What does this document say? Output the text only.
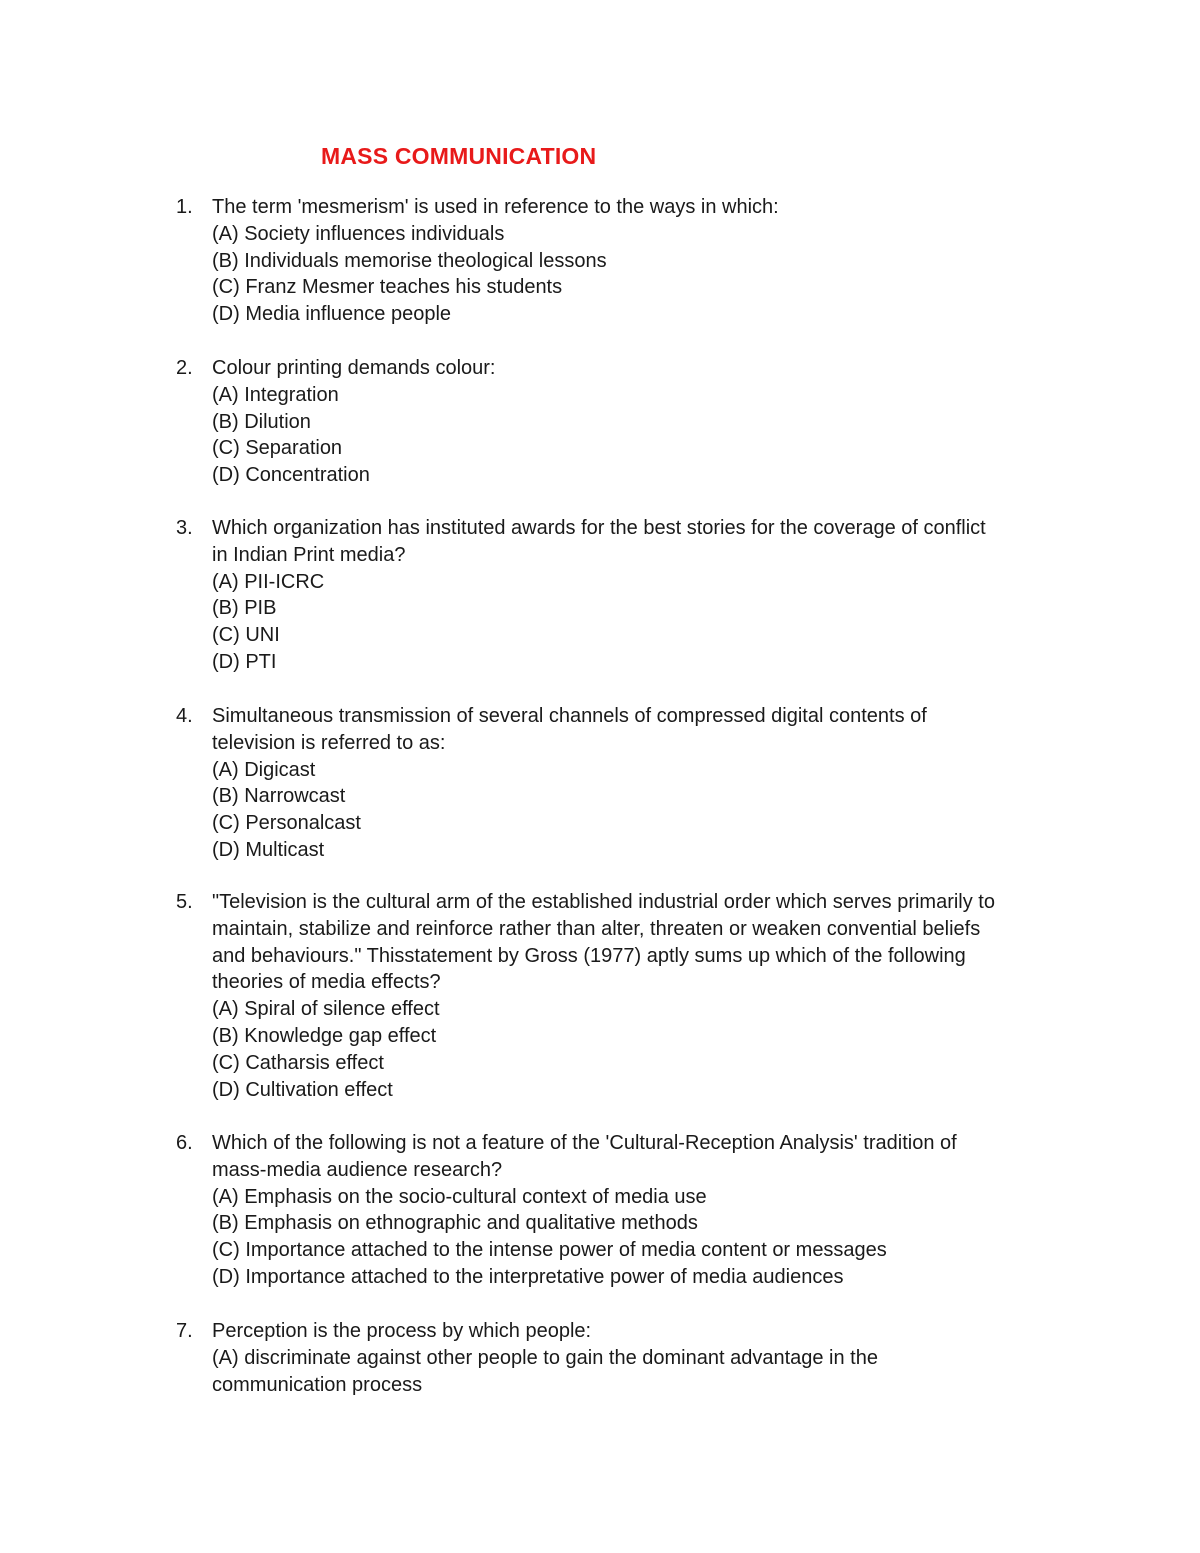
MASS COMMUNICATION
1. The term 'mesmerism' is used in reference to the ways in which:
(A) Society influences individuals
(B) Individuals memorise theological lessons
(C) Franz Mesmer teaches his students
(D) Media influence people
2. Colour printing demands colour:
(A) Integration
(B) Dilution
(C) Separation
(D) Concentration
3. Which organization has instituted awards for the best stories for the coverage of conflict
in Indian Print media?
(A) PII-ICRC
(B) PIB
(C) UNI
(D) PTI
4. Simultaneous transmission of several channels of compressed digital contents of
television is referred to as:
(A) Digicast
(B) Narrowcast
(C) Personalcast
(D) Multicast
5. "Television is the cultural arm of the established industrial order which serves primarily to
maintain, stabilize and reinforce rather than alter, threaten or weaken convential beliefs
and behaviours." Thisstatement by Gross (1977) aptly sums up which of the following
theories of media effects?
(A) Spiral of silence effect
(B) Knowledge gap effect
(C) Catharsis effect
(D) Cultivation effect
6. Which of the following is not a feature of the 'Cultural-Reception Analysis' tradition of
mass-media audience research?
(A) Emphasis on the socio-cultural context of media use
(B) Emphasis on ethnographic and qualitative methods
(C) Importance attached to the intense power of media content or messages
(D) Importance attached to the interpretative power of media audiences
7. Perception is the process by which people:
(A) discriminate against other people to gain the dominant advantage in the
communication process
